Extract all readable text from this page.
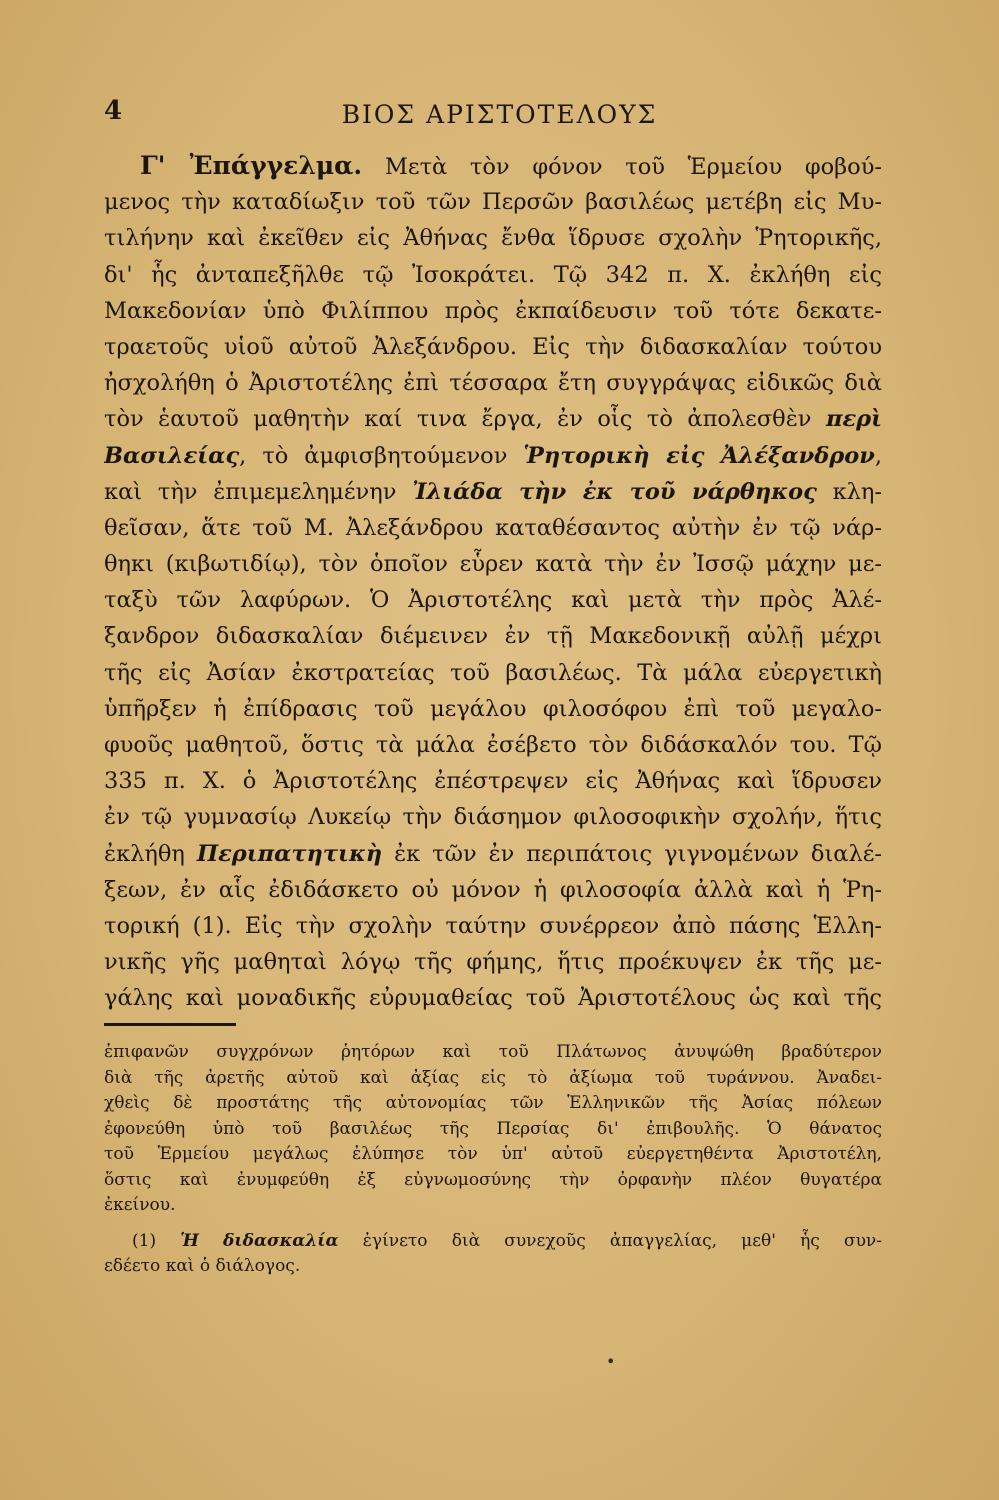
4	ΒΙΟΣ ΑΡΙΣΤΟΤΕΛΟΥΣ
Γ' Ἐπάγγελμα. Μετὰ τὸν φόνον τοῦ Ἑρμείου φοβού-
μενος τὴν καταδίωξιν τοῦ τῶν Περσῶν βασιλέως μετέβη εἰς Μυ-
τιλήνην καὶ ἐκεῖθεν εἰς Ἀθήνας ἔνθα ἵδρυσε σχολὴν Ῥητορικῆς,
δι' ἧς ἀνταπεξῆλθε τῷ Ἰσοκράτει. Τῷ 342 π. Χ. ἐκλήθη εἰς
Μακεδονίαν ὑπὸ Φιλίππου πρὸς ἐκπαίδευσιν τοῦ τότε δεκατε-
τραετοῦς υἱοῦ αὐτοῦ Ἀλεξάνδρου. Εἰς τὴν διδασκαλίαν τούτου
ἠσχολήθη ὁ Ἀριστοτέλης ἐπὶ τέσσαρα ἔτη συγγράψας εἰδικῶς διὰ
τὸν ἑαυτοῦ μαθητὴν καί τινα ἔργα, ἐν οἷς τὸ ἀπολεσθὲν περὶ
Βασιλείας, τὸ ἀμφισβητούμενον Ῥητορικὴ εἰς Ἀλέξανδρον,
καὶ τὴν ἐπιμεμελημένην Ἰλιάδα τὴν ἐκ τοῦ νάρθηκος κλη-
θεῖσαν, ἅτε τοῦ Μ. Ἀλεξάνδρου καταθέσαντος αὐτὴν ἐν τῷ νάρ-
θηκι (κιβωτιδίῳ), τὸν ὁποῖον εὗρεν κατὰ τὴν ἐν Ἰσσῷ μάχην με-
ταξὺ τῶν λαφύρων. Ὁ Ἀριστοτέλης καὶ μετὰ τὴν πρὸς Ἀλέ-
ξανδρον διδασκαλίαν διέμεινεν ἐν τῇ Μακεδονικῇ αὐλῇ μέχρι
τῆς εἰς Ἀσίαν ἐκστρατείας τοῦ βασιλέως. Τὰ μάλα εὐεργετικὴ
ὑπῆρξεν ἡ ἐπίδρασις τοῦ μεγάλου φιλοσόφου ἐπὶ τοῦ μεγαλο-
φυοῦς μαθητοῦ, ὅστις τὰ μάλα ἐσέβετο τὸν διδάσκαλόν του. Τῷ
335 π. Χ. ὁ Ἀριστοτέλης ἐπέστρεψεν εἰς Ἀθήνας καὶ ἵδρυσεν
ἐν τῷ γυμνασίῳ Λυκείῳ τὴν διάσημον φιλοσοφικὴν σχολήν, ἥτις
ἐκλήθη Περιπατητικὴ ἐκ τῶν ἐν περιπάτοις γιγνομένων διαλέ-
ξεων, ἐν αἷς ἐδιδάσκετο οὐ μόνον ἡ φιλοσοφία ἀλλὰ καὶ ἡ Ῥη-
τορική (1). Εἰς τὴν σχολὴν ταύτην συνέρρεον ἀπὸ πάσης Ἑλλη-
νικῆς γῆς μαθηταὶ λόγῳ τῆς φήμης, ἥτις προέκυψεν ἐκ τῆς με-
γάλης καὶ μοναδικῆς εὐρυμαθείας τοῦ Ἀριστοτέλους ὡς καὶ τῆς
ἐπιφανῶν συγχρόνων ῥητόρων καὶ τοῦ Πλάτωνος ἀνυψώθη βραδύτερον
διὰ τῆς ἀρετῆς αὐτοῦ καὶ ἀξίας εἰς τὸ ἀξίωμα τοῦ τυράννου. Ἀναδει-
χθεὶς δὲ προστάτης τῆς αὐτονομίας τῶν Ἑλληνικῶν τῆς Ἀσίας πόλεων
ἐφονεύθη ὑπὸ τοῦ βασιλέως τῆς Περσίας δι' ἐπιβουλῆς. Ὁ θάνατος
τοῦ Ἑρμείου μεγάλως ἐλύπησε τὸν ὑπ' αὐτοῦ εὐεργετηθέντα Ἀριστοτέλη,
ὅστις καὶ ἐνυμφεύθη ἐξ εὐγνωμοσύνης τὴν ὀρφανὴν πλέον θυγατέρα
ἐκείνου.
(1) Ἡ διδασκαλία ἐγίνετο διὰ συνεχοῦς ἀπαγγελίας, μεθ' ἧς συν-
εδέετο καὶ ὁ διάλογος.
•
